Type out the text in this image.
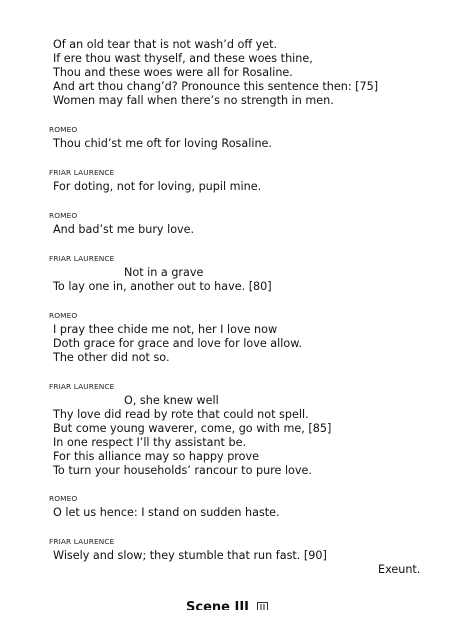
Of an old tear that is not wash’d off yet.
If ere thou wast thyself, and these woes thine,
Thou and these woes were all for Rosaline.
And art thou chang’d? Pronounce this sentence then: [75]
Women may fall when there’s no strength in men.
ROMEO
Thou chid’st me oft for loving Rosaline.
FRIAR LAURENCE
For doting, not for loving, pupil mine.
ROMEO
And bad’st me bury love.
FRIAR LAURENCE
Not in a grave
To lay one in, another out to have. [80]
ROMEO
I pray thee chide me not, her I love now
Doth grace for grace and love for love allow.
The other did not so.
FRIAR LAURENCE
O, she knew well
Thy love did read by rote that could not spell.
But come young waverer, come, go with me, [85]
In one respect I’ll thy assistant be.
For this alliance may so happy prove
To turn your households’ rancour to pure love.
ROMEO
O let us hence: I stand on sudden haste.
FRIAR LAURENCE
Wisely and slow; they stumble that run fast. [90]
Exeunt.
Scene III II
